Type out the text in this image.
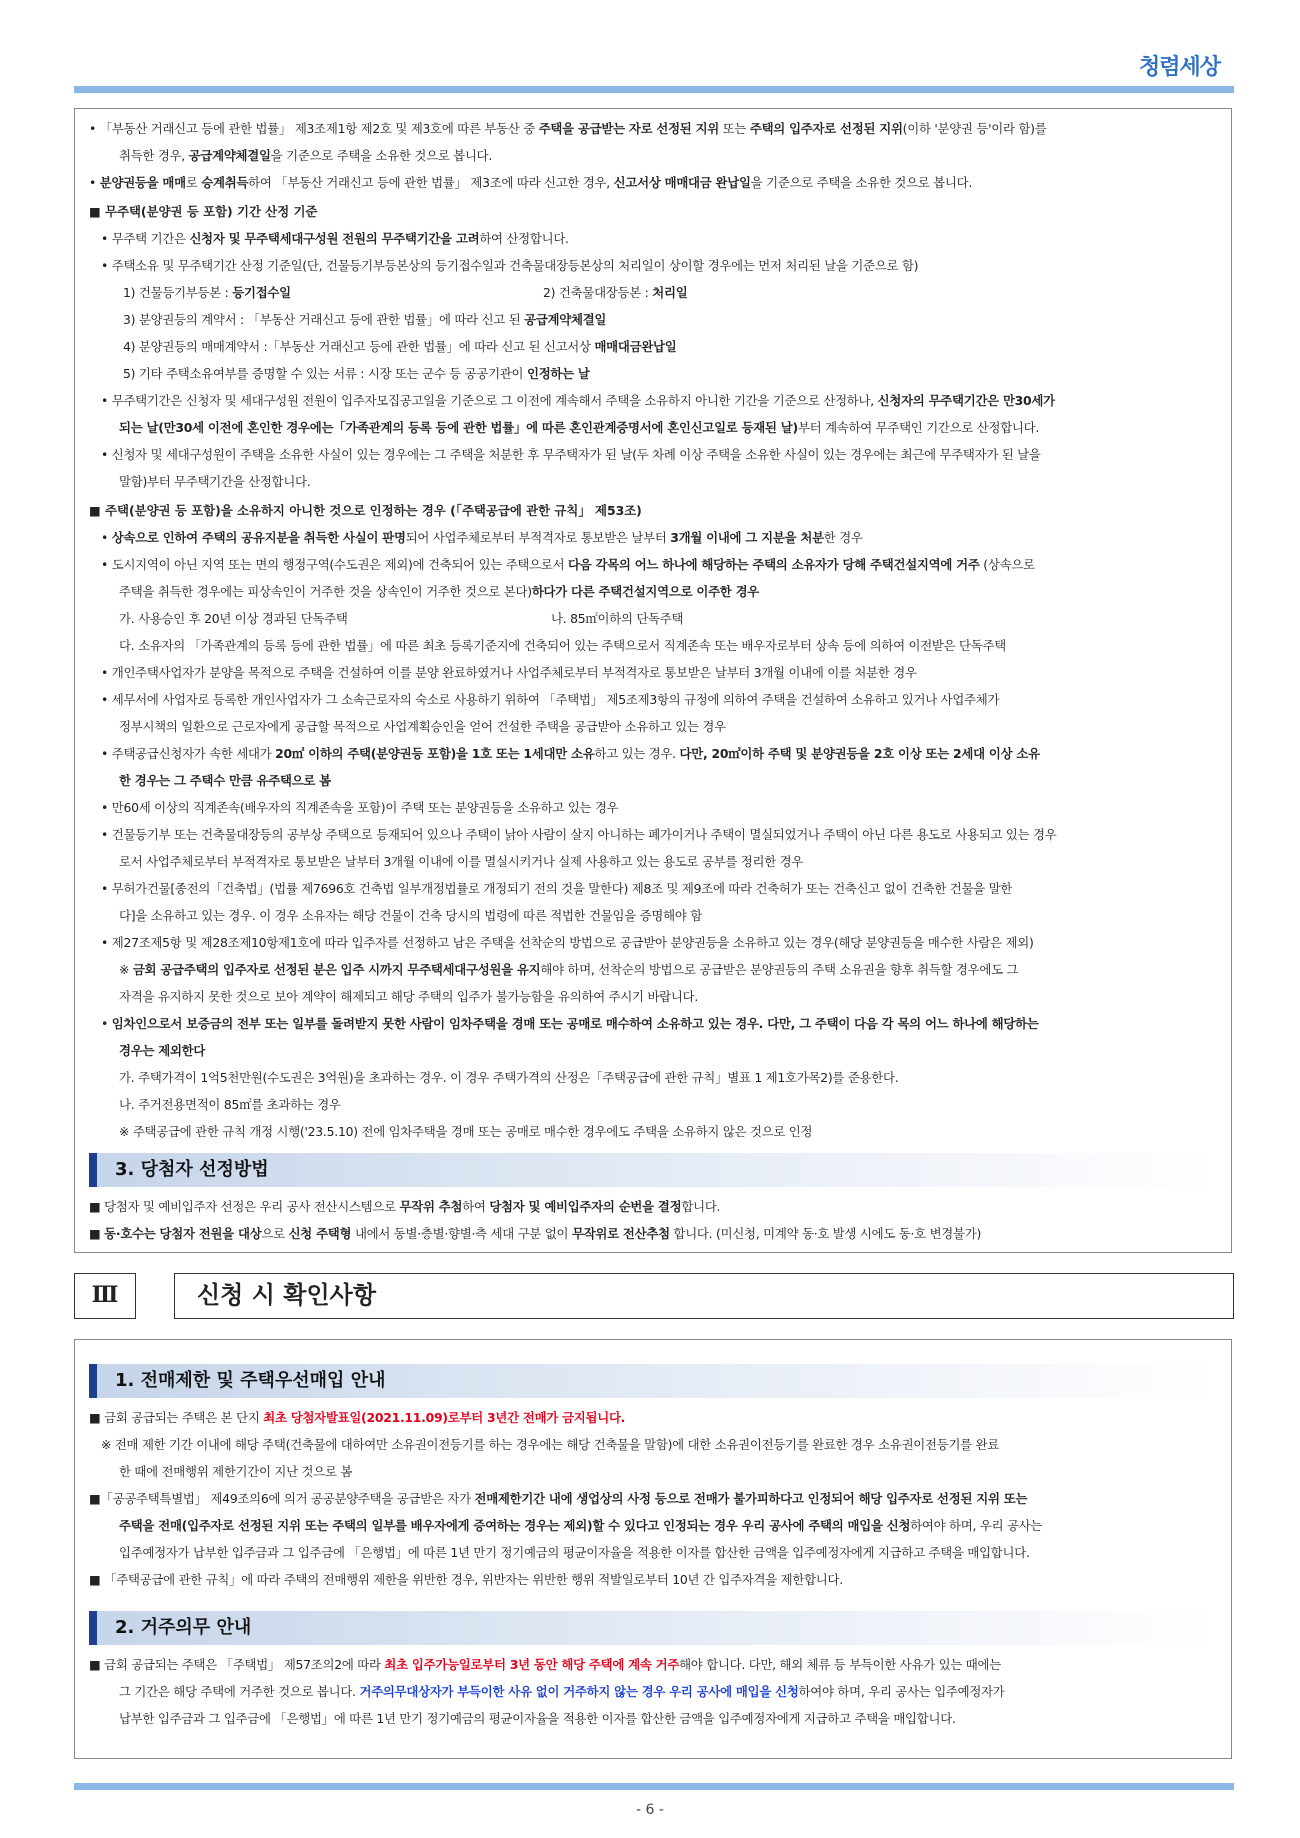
청렴세상
• 「부동산 거래신고 등에 관한 법률」 제3조제1항 제2호 및 제3호에 따른 부동산 중 주택을 공급받는 자로 선정된 지위 또는 주택의 입주자로 선정된 지위(이하 '분양권 등'이라 함)를
취득한 경우, 공급계약체결일을 기준으로 주택을 소유한 것으로 봅니다.
• 분양권등을 매매로 승계취득하여 「부동산 거래신고 등에 관한 법률」 제3조에 따라 신고한 경우, 신고서상 매매대금 완납일을 기준으로 주택을 소유한 것으로 봅니다.
■ 무주택(분양권 등 포함) 기간 산정 기준
• 무주택 기간은 신청자 및 무주택세대구성원 전원의 무주택기간을 고려하여 산정합니다.
• 주택소유 및 무주택기간 산정 기준일(단, 건물등기부등본상의 등기접수일과 건축물대장등본상의 처리일이 상이할 경우에는 먼저 처리된 날을 기준으로 함)
1) 건물등기부등본 : 등기접수일	2) 건축물대장등본 : 처리일
3) 분양권등의 계약서 : 「부동산 거래신고 등에 관한 법률」에 따라 신고 된 공급계약체결일
4) 분양권등의 매매계약서 :「부동산 거래신고 등에 관한 법률」에 따라 신고 된 신고서상 매매대금완납일
5) 기타 주택소유여부를 증명할 수 있는 서류 : 시장 또는 군수 등 공공기관이 인정하는 날
• 무주택기간은 신청자 및 세대구성원 전원이 입주자모집공고일을 기준으로 그 이전에 계속해서 주택을 소유하지 아니한 기간을 기준으로 산정하나, 신청자의 무주택기간은 만30세가
되는 날(만30세 이전에 혼인한 경우에는「가족관계의 등록 등에 관한 법률」에 따른 혼인관계증명서에 혼인신고일로 등재된 날)부터 계속하여 무주택인 기간으로 산정합니다.
• 신청자 및 세대구성원이 주택을 소유한 사실이 있는 경우에는 그 주택을 처분한 후 무주택자가 된 날(두 차례 이상 주택을 소유한 사실이 있는 경우에는 최근에 무주택자가 된 날을
말함)부터 무주택기간을 산정합니다.
■ 주택(분양권 등 포함)을 소유하지 아니한 것으로 인정하는 경우 (「주택공급에 관한 규칙」 제53조)
• 상속으로 인하여 주택의 공유지분을 취득한 사실이 판명되어 사업주체로부터 부적격자로 통보받은 날부터 3개월 이내에 그 지분을 처분한 경우
• 도시지역이 아닌 지역 또는 면의 행정구역(수도권은 제외)에 건축되어 있는 주택으로서 다음 각목의 어느 하나에 해당하는 주택의 소유자가 당해 주택건설지역에 거주 (상속으로
주택을 취득한 경우에는 피상속인이 거주한 것을 상속인이 거주한 것으로 본다)하다가 다른 주택건설지역으로 이주한 경우
가. 사용승인 후 20년 이상 경과된 단독주택	나. 85㎡이하의 단독주택
다. 소유자의 「가족관계의 등록 등에 관한 법률」에 따른 최초 등록기준지에 건축되어 있는 주택으로서 직계존속 또는 배우자로부터 상속 등에 의하여 이전받은 단독주택
• 개인주택사업자가 분양을 목적으로 주택을 건설하여 이를 분양 완료하였거나 사업주체로부터 부적격자로 통보받은 날부터 3개월 이내에 이를 처분한 경우
• 세무서에 사업자로 등록한 개인사업자가 그 소속근로자의 숙소로 사용하기 위하여 「주택법」 제5조제3항의 규정에 의하여 주택을 건설하여 소유하고 있거나 사업주체가
정부시책의 일환으로 근로자에게 공급할 목적으로 사업계획승인을 얻어 건설한 주택을 공급받아 소유하고 있는 경우
• 주택공급신청자가 속한 세대가 20㎡ 이하의 주택(분양권등 포함)을 1호 또는 1세대만 소유하고 있는 경우. 다만, 20㎡이하 주택 및 분양권등을 2호 이상 또는 2세대 이상 소유
한 경우는 그 주택수 만큼 유주택으로 봄
• 만60세 이상의 직계존속(배우자의 직계존속을 포함)이 주택 또는 분양권등을 소유하고 있는 경우
• 건물등기부 또는 건축물대장등의 공부상 주택으로 등재되어 있으나 주택이 낡아 사람이 살지 아니하는 폐가이거나 주택이 멸실되었거나 주택이 아닌 다른 용도로 사용되고 있는 경우
로서 사업주체로부터 부적격자로 통보받은 날부터 3개월 이내에 이를 멸실시키거나 실제 사용하고 있는 용도로 공부를 정리한 경우
• 무허가건물[종전의「건축법」(법률 제7696호 건축법 일부개정법률로 개정되기 전의 것을 말한다) 제8조 및 제9조에 따라 건축허가 또는 건축신고 없이 건축한 건물을 말한
다]을 소유하고 있는 경우. 이 경우 소유자는 해당 건물이 건축 당시의 법령에 따른 적법한 건물임을 증명해야 함
• 제27조제5항 및 제28조제10항제1호에 따라 입주자를 선정하고 남은 주택을 선착순의 방법으로 공급받아 분양권등을 소유하고 있는 경우(해당 분양권등을 매수한 사람은 제외)
※ 금회 공급주택의 입주자로 선정된 분은 입주 시까지 무주택세대구성원을 유지해야 하며, 선착순의 방법으로 공급받은 분양권등의 주택 소유권을 향후 취득할 경우에도 그
자격을 유지하지 못한 것으로 보아 계약이 해제되고 해당 주택의 입주가 불가능함을 유의하여 주시기 바랍니다.
• 임차인으로서 보증금의 전부 또는 일부를 돌려받지 못한 사람이 임차주택을 경매 또는 공매로 매수하여 소유하고 있는 경우. 다만, 그 주택이 다음 각 목의 어느 하나에 해당하는
경우는 제외한다
가. 주택가격이 1억5천만원(수도권은 3억원)을 초과하는 경우. 이 경우 주택가격의 산정은「주택공급에 관한 규칙」별표 1 제1호가목2)를 준용한다.
나. 주거전용면적이 85㎡를 초과하는 경우
※ 주택공급에 관한 규칙 개정 시행('23.5.10) 전에 임차주택을 경매 또는 공매로 매수한 경우에도 주택을 소유하지 않은 것으로 인정
3. 당첨자 선정방법
■ 당첨자 및 예비입주자 선정은 우리 공사 전산시스템으로 무작위 추첨하여 당첨자 및 예비입주자의 순번을 결정합니다.
■ 동·호수는 당첨자 전원을 대상으로 신청 주택형 내에서 동별·층별·향별·측 세대 구분 없이 무작위로 전산추첨 합니다. (미신청, 미계약 동·호 발생 시에도 동·호 변경불가)
Ⅲ	신청 시 확인사항
1. 전매제한 및 주택우선매입 안내
■ 금회 공급되는 주택은 본 단지 최초 당첨자발표일(2021.11.09)로부터 3년간 전매가 금지됩니다.
※ 전매 제한 기간 이내에 해당 주택(건축물에 대하여만 소유권이전등기를 하는 경우에는 해당 건축물을 말함)에 대한 소유권이전등기를 완료한 경우 소유권이전등기를 완료
한 때에 전매행위 제한기간이 지난 것으로 봄
■「공공주택특별법」 제49조의6에 의거 공공분양주택을 공급받은 자가 전매제한기간 내에 생업상의 사정 등으로 전매가 불가피하다고 인정되어 해당 입주자로 선정된 지위 또는
주택을 전매(입주자로 선정된 지위 또는 주택의 일부를 배우자에게 증여하는 경우는 제외)할 수 있다고 인정되는 경우 우리 공사에 주택의 매입을 신청하여야 하며, 우리 공사는
입주예정자가 납부한 입주금과 그 입주금에 「은행법」에 따른 1년 만기 정기예금의 평균이자율을 적용한 이자를 합산한 금액을 입주예정자에게 지급하고 주택을 매입합니다.
■ 「주택공급에 관한 규칙」에 따라 주택의 전매행위 제한을 위반한 경우, 위반자는 위반한 행위 적발일로부터 10년 간 입주자격을 제한합니다.
2. 거주의무 안내
■ 금회 공급되는 주택은 「주택법」 제57조의2에 따라 최초 입주가능일로부터 3년 동안 해당 주택에 계속 거주해야 합니다. 다만, 해외 체류 등 부득이한 사유가 있는 때에는
그 기간은 해당 주택에 거주한 것으로 봅니다. 거주의무대상자가 부득이한 사유 없이 거주하지 않는 경우 우리 공사에 매입을 신청하여야 하며, 우리 공사는 입주예정자가
납부한 입주금과 그 입주금에 「은행법」에 따른 1년 만기 정기예금의 평균이자율을 적용한 이자를 합산한 금액을 입주예정자에게 지급하고 주택을 매입합니다.
- 6 -
